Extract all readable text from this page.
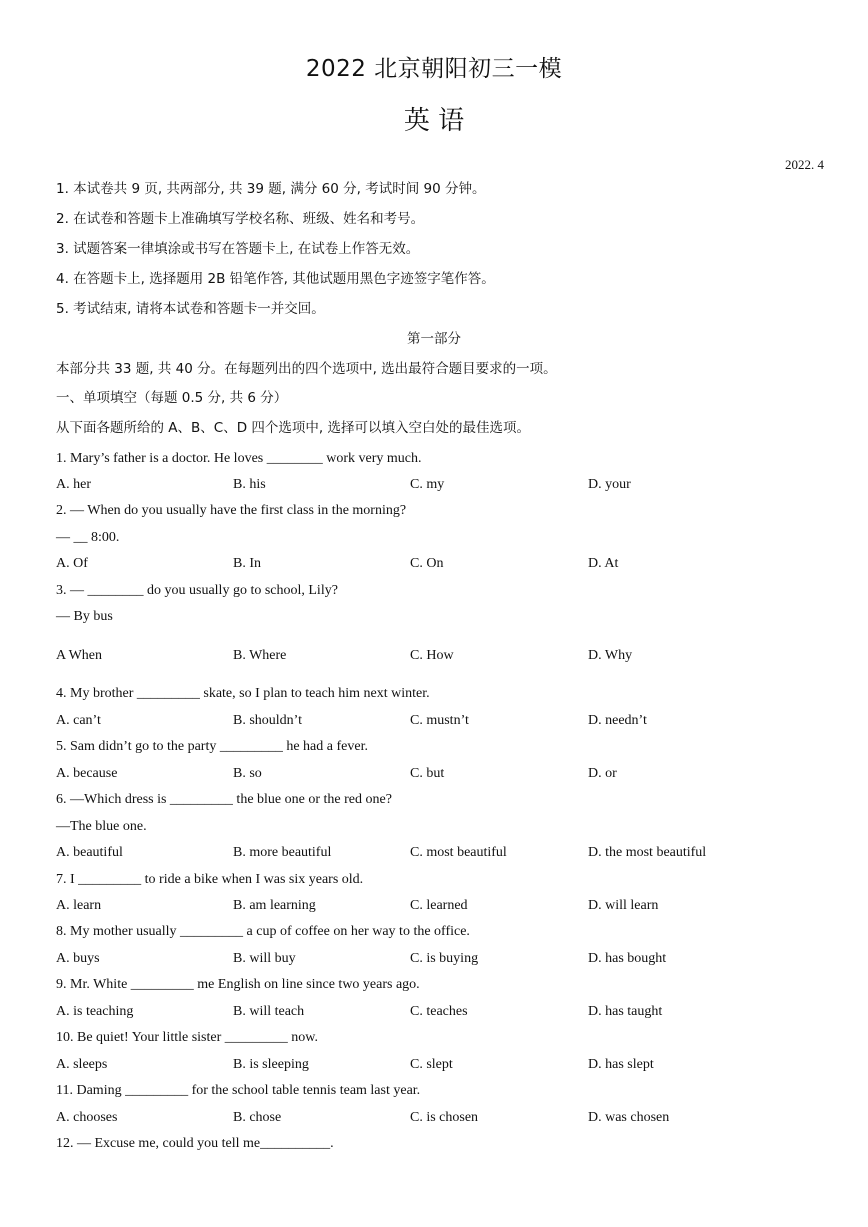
2022 北京朝阳初三一模
英 语
2022. 4
1. 本试卷共 9 页, 共两部分, 共 39 题, 满分 60 分, 考试时间 90 分钟。
2. 在试卷和答题卡上准确填写学校名称、班级、姓名和考号。
3. 试题答案一律填涂或书写在答题卡上, 在试卷上作答无效。
4. 在答题卡上, 选择题用 2B 铅笔作答, 其他试题用黑色字迹签字笔作答。
5. 考试结束, 请将本试卷和答题卡一并交回。
第一部分
本部分共 33 题, 共 40 分。在每题列出的四个选项中, 选出最符合题目要求的一项。
一、单项填空（每题 0.5 分, 共 6 分）
从下面各题所给的 A、B、C、D 四个选项中, 选择可以填入空白处的最佳选项。
1. Mary’s father is a doctor. He loves ________ work very much.
A. her	B. his	C. my	D. your
2. — When do you usually have the first class in the morning?
— __ 8:00.
A. Of	B. In	C. On	D. At
3. — ________ do you usually go to school, Lily?
— By bus
A When	B. Where	C. How	D. Why
4. My brother _________ skate, so I plan to teach him next winter.
A. can’t	B. shouldn’t	C. mustn’t	D. needn’t
5. Sam didn’t go to the party _________ he had a fever.
A. because	B. so	C. but	D. or
6. —Which dress is _________ the blue one or the red one?
—The blue one.
A. beautiful	B. more beautiful	C. most beautiful	D. the most beautiful
7. I _________ to ride a bike when I was six years old.
A. learn	B. am learning	C. learned	D. will learn
8. My mother usually _________ a cup of coffee on her way to the office.
A. buys	B. will buy	C. is buying	D. has bought
9. Mr. White _________ me English on line since two years ago.
A. is teaching	B. will teach	C. teaches	D. has taught
10. Be quiet! Your little sister _________ now.
A. sleeps	B. is sleeping	C. slept	D. has slept
11. Daming _________ for the school table tennis team last year.
A. chooses	B. chose	C. is chosen	D. was chosen
12. — Excuse me, could you tell me__________.
